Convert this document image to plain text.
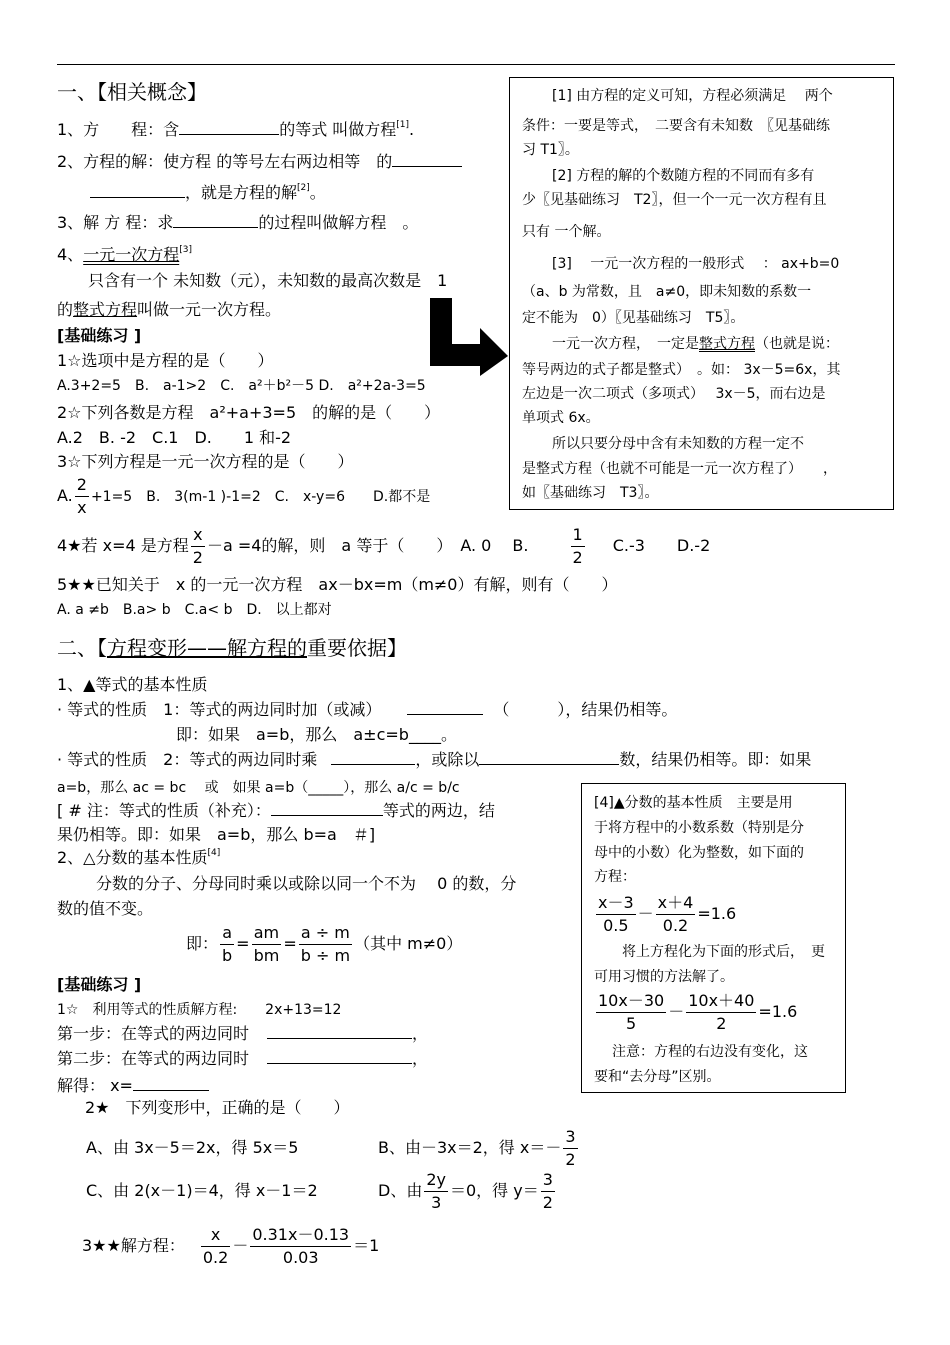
一、【相关概念】
1、方　　程：含	的等式 叫做方程[1].
2、方程的解：使方程 的等号左右两边相等　的
，就是方程的解[2]。
3、解 方 程：求	的过程叫做解方程　。
4、一元一次方程[3]
只含有一个 未知数（元），未知数的最高次数是　1
的整式方程叫做一元一次方程。
[基础练习 ]
1☆选项中是方程的是（　　）
A.3+2=5　B.　a-1>2　C.　a²＋b²－5 D.　a²+2a-3=5
2☆下列各数是方程　a²+a+3=5　的解的是（　　）
A.2　B. -2　C.1　D.　　1 和-2
3☆下列方程是一元一次方程的是（　　）
A. $\frac{2}{x} +1=5$　B.　3(m-1 )-1=2　C.　x-y=6　　D.都不是
4★若 x=4 是方程 $\frac{x}{2} -a =4$的解，则　a 等于（　　）　A. 0　 B.	$\frac{1}{2} C.-3$　　D.-2
5★★已知关于　x 的一元一次方程　ax－bx=m（m≠0）有解，则有（　　）
A. a ≠b　B.a> b　C.a< b　D.　以上都对
[1] 由方程的定义可知，方程必须满足　 两个
条件：一要是等式，　二要含有未知数　〖见基础练
习 T1〗。
[2] 方程的解的个数随方程的不同而有多有
少〖见基础练习　T2〗，但一个一元一次方程有且
只有 一个解。
[3]　 一元一次方程的一般形式　 ： ax+b=0
（a、b 为常数，且　a≠0，即未知数的系数一
定不能为　0）〖见基础练习　T5〗。
一元一次方程，　一定是整式方程（也就是说：
等号两边的式子都是整式）　。如： 3x－5=6x，其
左边是一次二项式（多项式）　 3x－5，而右边是
单项式 6x。
所以只要分母中含有未知数的方程一定不
是整式方程（也就不可能是一元一次方程了）　　，
如〖基础练习　T3〗。
二、【方程变形——解方程的重要依据】
1、▲等式的基本性质
· 等式的性质　1：等式的两边同时加（或减）	（　　　），结果仍相等。
即：如果　a=b，那么　a±c=b____。
· 等式的性质　2：等式的两边同时乘	，或除以	数，结果仍相等。即：如果
a=b，那么 ac = bc　 或　如果 a=b（_____），那么 a/c = b/c
[ # 注：等式的性质（补充）：	等式的两边，结
果仍相等。即：如果　a=b，那么 b=a　＃]
2、△分数的基本性质[4]
分数的分子、分母同时乘以或除以同一个不为　 0 的数，分
数的值不变。
即： $\frac{a}{b} = \frac{am}{bm} = \frac{a \div m}{b \div m}$ （其中 m≠0）
[基础练习 ]
1☆　利用等式的性质解方程:　　2x+13=12
第一步：在等式的两边同时	，
第二步：在等式的两边同时	，
解得： x=
2★　下列变形中，正确的是（　　）
A、由 3x－5＝2x，得 5x＝5	B、由－3x＝2，得 $x=- \frac{3}{2}$
C、由 2(x－1)＝4，得 x－1＝2	D、由 $\frac{2y}{3} =0$，得 $y= \frac{3}{2}$
3★★解方程： $\frac{x}{0.2} - \frac{0.31x-0.13}{0.03} =1$
[4]▲分数的基本性质　主要是用
于将方程中的小数系数（特别是分
母中的小数）化为整数，如下面的
方程：
$\frac{x-3}{0.5} - \frac{x+4}{0.2} =1.6$
将上方程化为下面的形式后，　更
可用习惯的方法解了。
$\frac{10x-30}{5} - \frac{10x+40}{2} =1.6$
注意：方程的右边没有变化，这
要和“去分母”区别。
